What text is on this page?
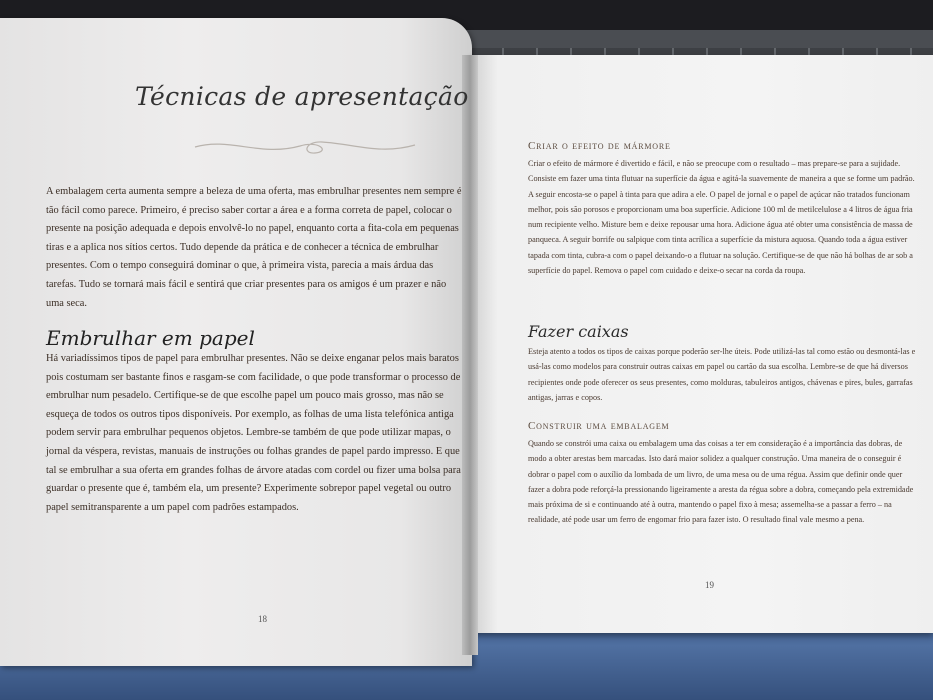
Técnicas de apresentação

A embalagem certa aumenta sempre a beleza de uma oferta, mas embrulhar presentes nem sempre é tão fácil como parece. Primeiro, é preciso saber cortar a área e a forma correta de papel, colocar o presente na posição adequada e depois envolvê-lo no papel, enquanto corta a fita-cola em pequenas tiras e a aplica nos sítios certos. Tudo depende da prática e de conhecer a técnica de embrulhar presentes. Com o tempo conseguirá dominar o que, à primeira vista, parecia a mais árdua das tarefas. Tudo se tornará mais fácil e sentirá que criar presentes para os amigos é um prazer e não uma seca.

Embrulhar em papel

Há variadíssimos tipos de papel para embrulhar presentes. Não se deixe enganar pelos mais baratos pois costumam ser bastante finos e rasgam-se com facilidade, o que pode transformar o processo de embrulhar num pesadelo. Certifique-se de que escolhe papel um pouco mais grosso, mas não se esqueça de todos os outros tipos disponíveis. Por exemplo, as folhas de uma lista telefónica antiga podem servir para embrulhar pequenos objetos. Lembre-se também de que pode utilizar mapas, o jornal da véspera, revistas, manuais de instruções ou folhas grandes de papel pardo impresso. E que tal se embrulhar a sua oferta em grandes folhas de árvore atadas com cordel ou fizer uma bolsa para guardar o presente que é, também ela, um presente? Experimente sobrepor papel vegetal ou outro papel semitransparente a um papel com padrões estampados.

18
Criar o efeito de mármore

Criar o efeito de mármore é divertido e fácil, e não se preocupe com o resultado – mas prepare-se para a sujidade. Consiste em fazer uma tinta flutuar na superfície da água e agitá-la suavemente de maneira a que se forme um padrão. A seguir encosta-se o papel à tinta para que adira a ele. O papel de jornal e o papel de açúcar não tratados funcionam melhor, pois são porosos e proporcionam uma boa superfície. Adicione 100 ml de metilcelulose a 4 litros de água fria num recipiente velho. Misture bem e deixe repousar uma hora. Adicione água até obter uma consistência de massa de panqueca. A seguir borrife ou salpique com tinta acrílica a superfície da mistura aquosa. Quando toda a água estiver tapada com tinta, cubra-a com o papel deixando-o a flutuar na solução. Certifique-se de que não há bolhas de ar sob a superfície do papel. Remova o papel com cuidado e deixe-o secar na corda da roupa.

Fazer caixas

Esteja atento a todos os tipos de caixas porque poderão ser-lhe úteis. Pode utilizá-las tal como estão ou desmontá-las e usá-las como modelos para construir outras caixas em papel ou cartão da sua escolha. Lembre-se de que há diversos recipientes onde pode oferecer os seus presentes, como molduras, tabuleiros antigos, chávenas e pires, bules, garrafas antigas, jarras e copos.

Construir uma embalagem

Quando se constrói uma caixa ou embalagem uma das coisas a ter em consideração é a importância das dobras, de modo a obter arestas bem marcadas. Isto dará maior solidez a qualquer construção. Uma maneira de o conseguir é dobrar o papel com o auxílio da lombada de um livro, de uma mesa ou de uma régua. Assim que definir onde quer fazer a dobra pode reforçá-la pressionando ligeiramente a aresta da régua sobre a dobra, começando pela extremidade mais próxima de si e continuando até à outra, mantendo o papel fixo à mesa; assemelha-se a passar a ferro – na realidade, até pode usar um ferro de engomar frio para fazer isto. O resultado final vale mesmo a pena.

19
